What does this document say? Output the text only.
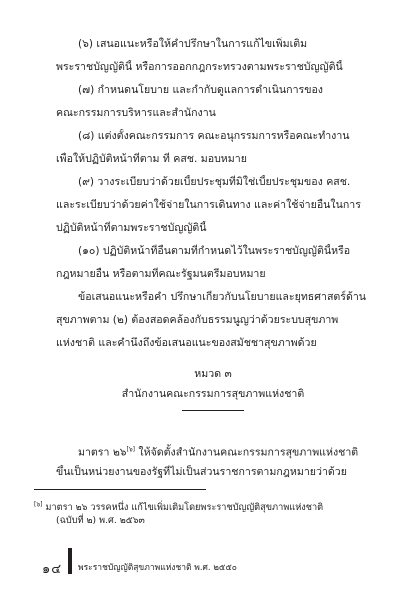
(๖) เสนอแนะหรือให้คำปรึกษาในการแก้ไขเพิ่มเติม
พระราชบัญญัตินี้ หรือการออกกฎกระทรวงตามพระราชบัญญัตินี้
(๗) กำหนดนโยบาย และกำกับดูแลการดำเนินการของ
คณะกรรมการบริหารและสำนักงาน
(๘) แต่งตั้งคณะกรรมการ คณะอนุกรรมการหรือคณะทำงาน
เพื่อให้ปฏิบัติหน้าที่ตาม ที่ คสช. มอบหมาย
(๙) วางระเบียบว่าด้วยเบี้ยประชุมที่มิใช่เบี้ยประชุมของ คสช.
และระเบียบว่าด้วยค่าใช้จ่ายในการเดินทาง และค่าใช้จ่ายอื่นในการ
ปฏิบัติหน้าที่ตามพระราชบัญญัตินี้
(๑๐) ปฏิบัติหน้าที่อื่นตามที่กำหนดไว้ในพระราชบัญญัตินี้หรือ
กฎหมายอื่น หรือตามที่คณะรัฐมนตรีมอบหมาย
ข้อเสนอแนะหรือคำ ปรึกษาเกี่ยวกับนโยบายและยุทธศาสตร์ด้าน
สุขภาพตาม (๒) ต้องสอดคล้องกับธรรมนูญว่าด้วยระบบสุขภาพ
แห่งชาติ และคำนึงถึงข้อเสนอแนะของสมัชชาสุขภาพด้วย
หมวด ๓
สำนักงานคณะกรรมการสุขภาพแห่งชาติ
มาตรา ๒๖[๖] ให้จัดตั้งสำนักงานคณะกรรมการสุขภาพแห่งชาติ
ขึ้นเป็นหน่วยงานของรัฐที่ไม่เป็นส่วนราชการตามกฎหมายว่าด้วย
[๖] มาตรา ๒๖ วรรคหนึ่ง แก้ไขเพิ่มเติมโดยพระราชบัญญัติสุขภาพแห่งชาติ
(ฉบับที่ ๒) พ.ศ. ๒๕๖๓
๑๔ พระราชบัญญัติสุขภาพแห่งชาติ พ.ศ. ๒๕๕๐
